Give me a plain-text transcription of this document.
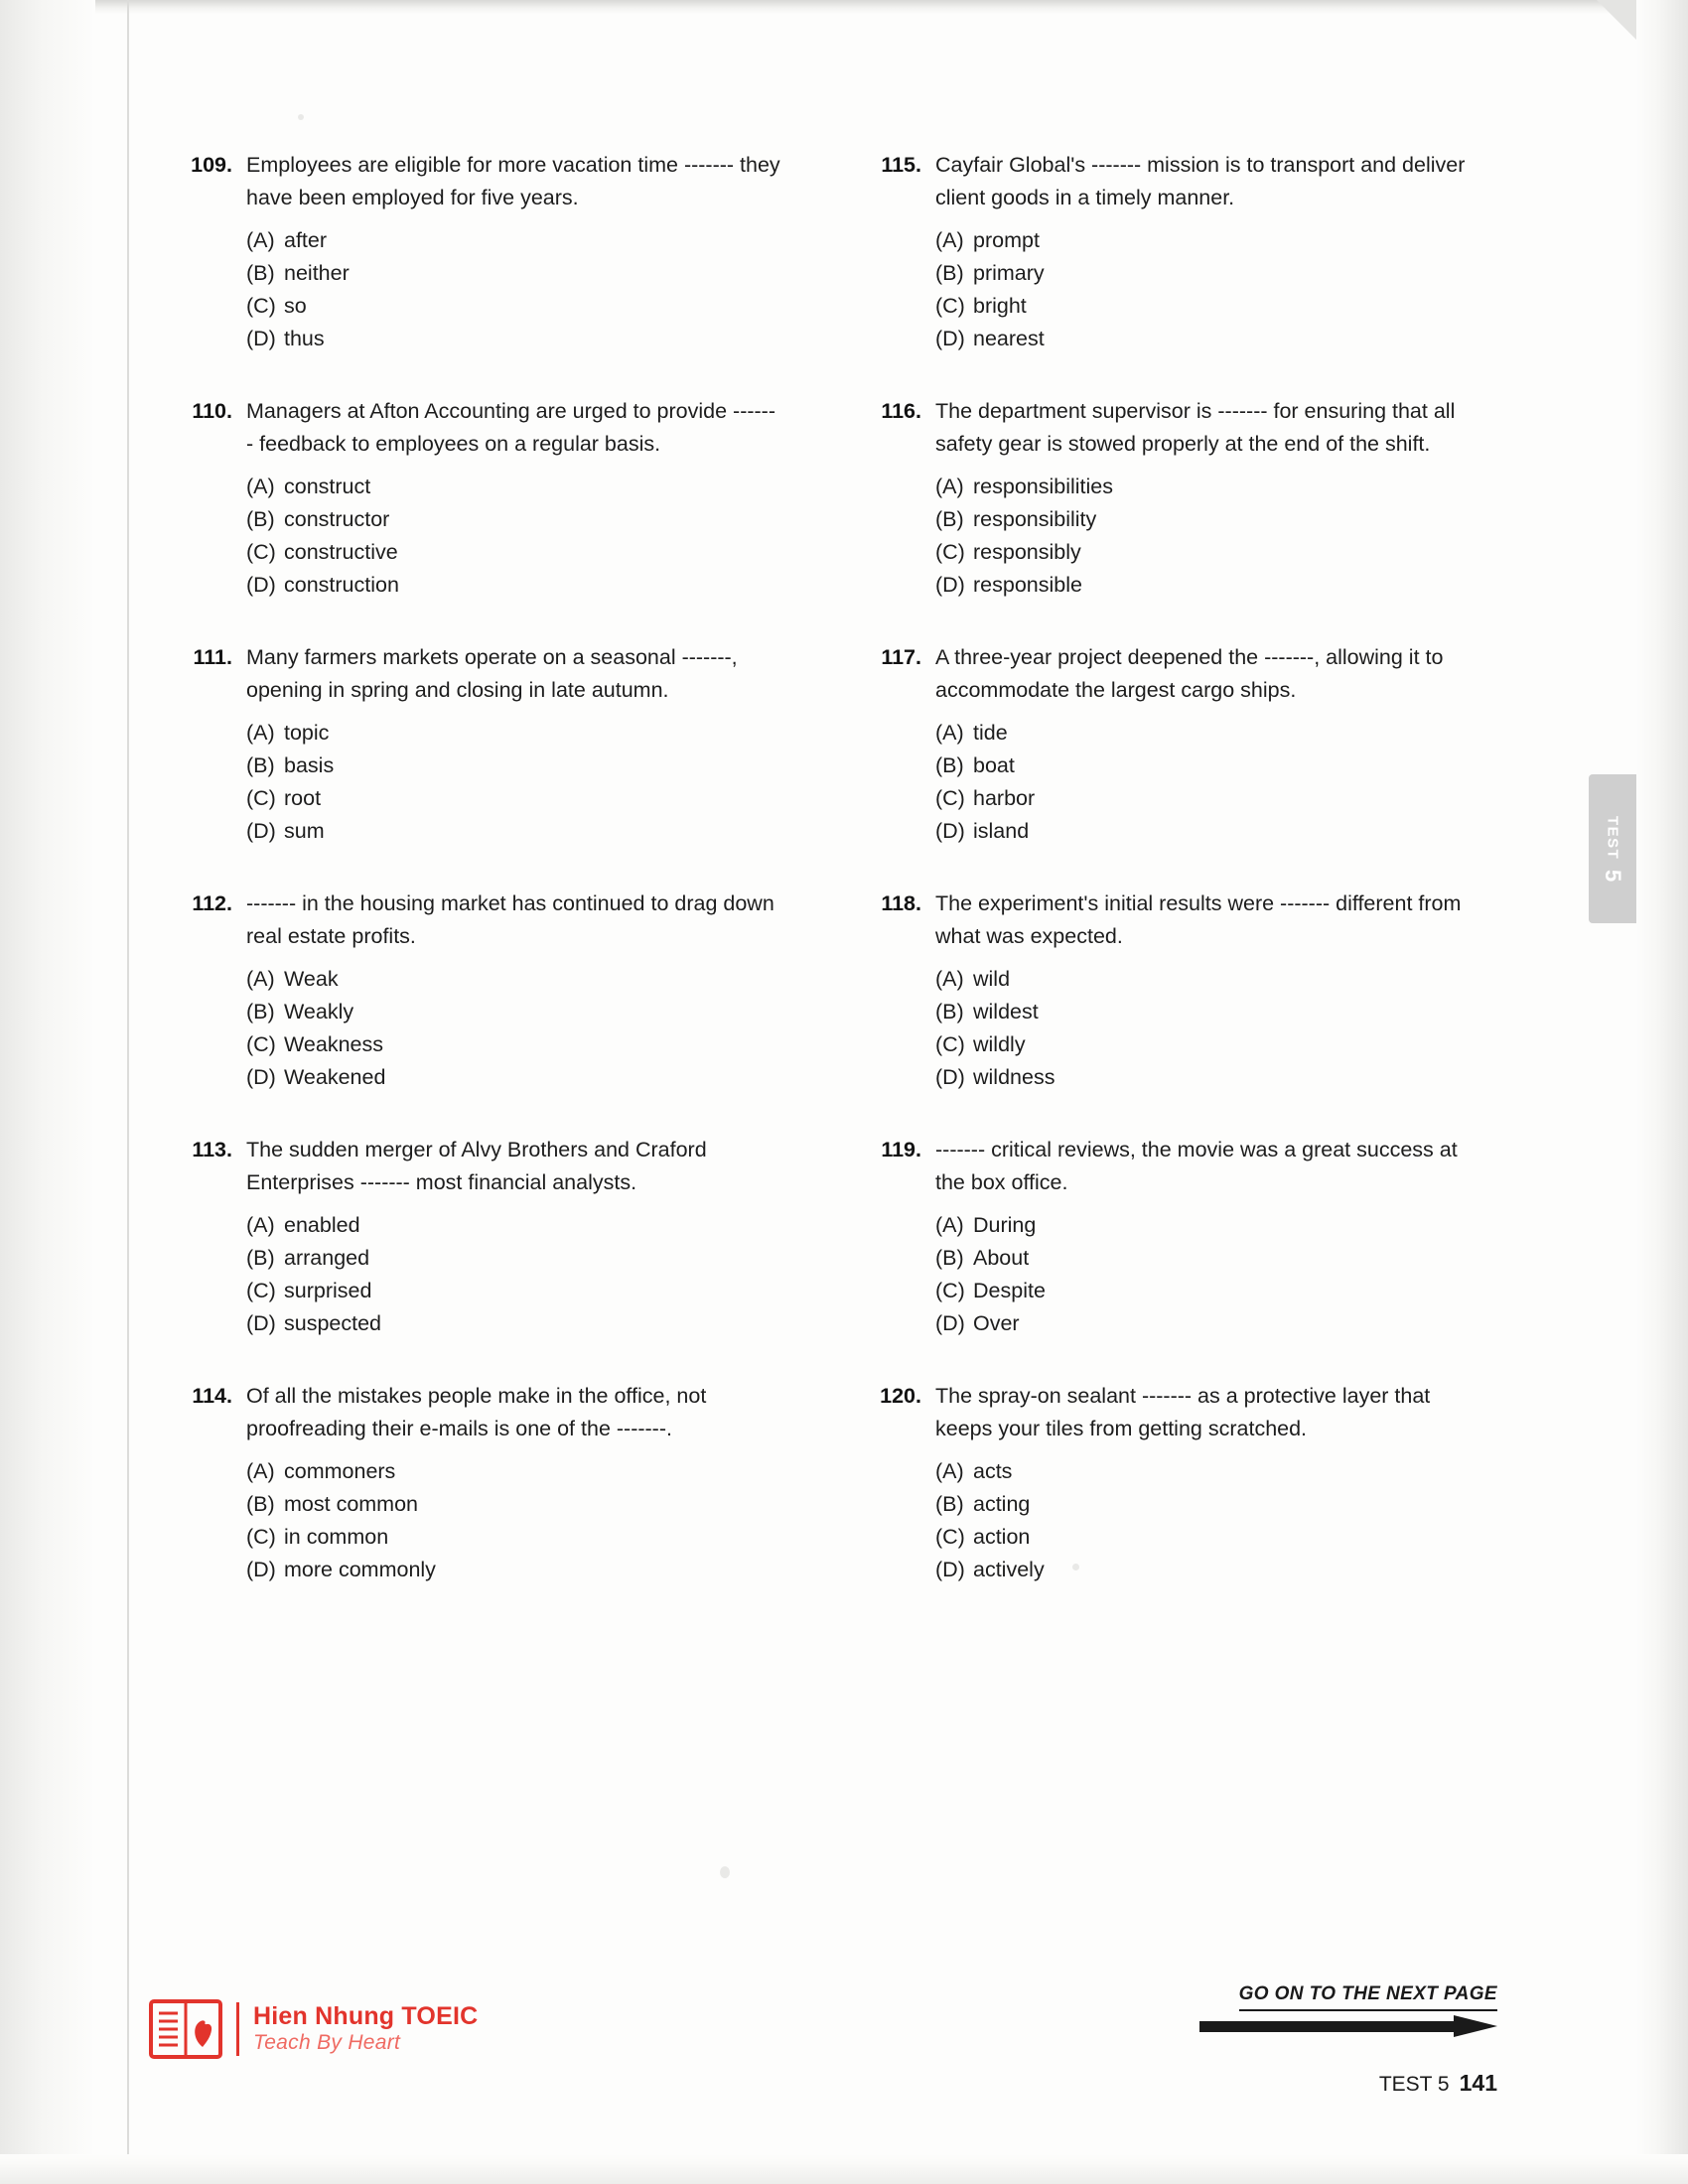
TEST
5
109. Employees are eligible for more vacation time ------- they have been employed for five years.
(A) after
(B) neither
(C) so
(D) thus
110. Managers at Afton Accounting are urged to provide ------- feedback to employees on a regular basis.
(A) construct
(B) constructor
(C) constructive
(D) construction
111. Many farmers markets operate on a seasonal -------, opening in spring and closing in late autumn.
(A) topic
(B) basis
(C) root
(D) sum
112. ------- in the housing market has continued to drag down real estate profits.
(A) Weak
(B) Weakly
(C) Weakness
(D) Weakened
113. The sudden merger of Alvy Brothers and Craford Enterprises ------- most financial analysts.
(A) enabled
(B) arranged
(C) surprised
(D) suspected
114. Of all the mistakes people make in the office, not proofreading their e-mails is one of the -------.
(A) commoners
(B) most common
(C) in common
(D) more commonly
115. Cayfair Global's ------- mission is to transport and deliver client goods in a timely manner.
(A) prompt
(B) primary
(C) bright
(D) nearest
116. The department supervisor is ------- for ensuring that all safety gear is stowed properly at the end of the shift.
(A) responsibilities
(B) responsibility
(C) responsibly
(D) responsible
117. A three-year project deepened the -------, allowing it to accommodate the largest cargo ships.
(A) tide
(B) boat
(C) harbor
(D) island
118. The experiment's initial results were ------- different from what was expected.
(A) wild
(B) wildest
(C) wildly
(D) wildness
119. ------- critical reviews, the movie was a great success at the box office.
(A) During
(B) About
(C) Despite
(D) Over
120. The spray-on sealant ------- as a protective layer that keeps your tiles from getting scratched.
(A) acts
(B) acting
(C) action
(D) actively
Hien Nhung TOEIC
Teach By Heart
GO ON TO THE NEXT PAGE
TEST 5 141
